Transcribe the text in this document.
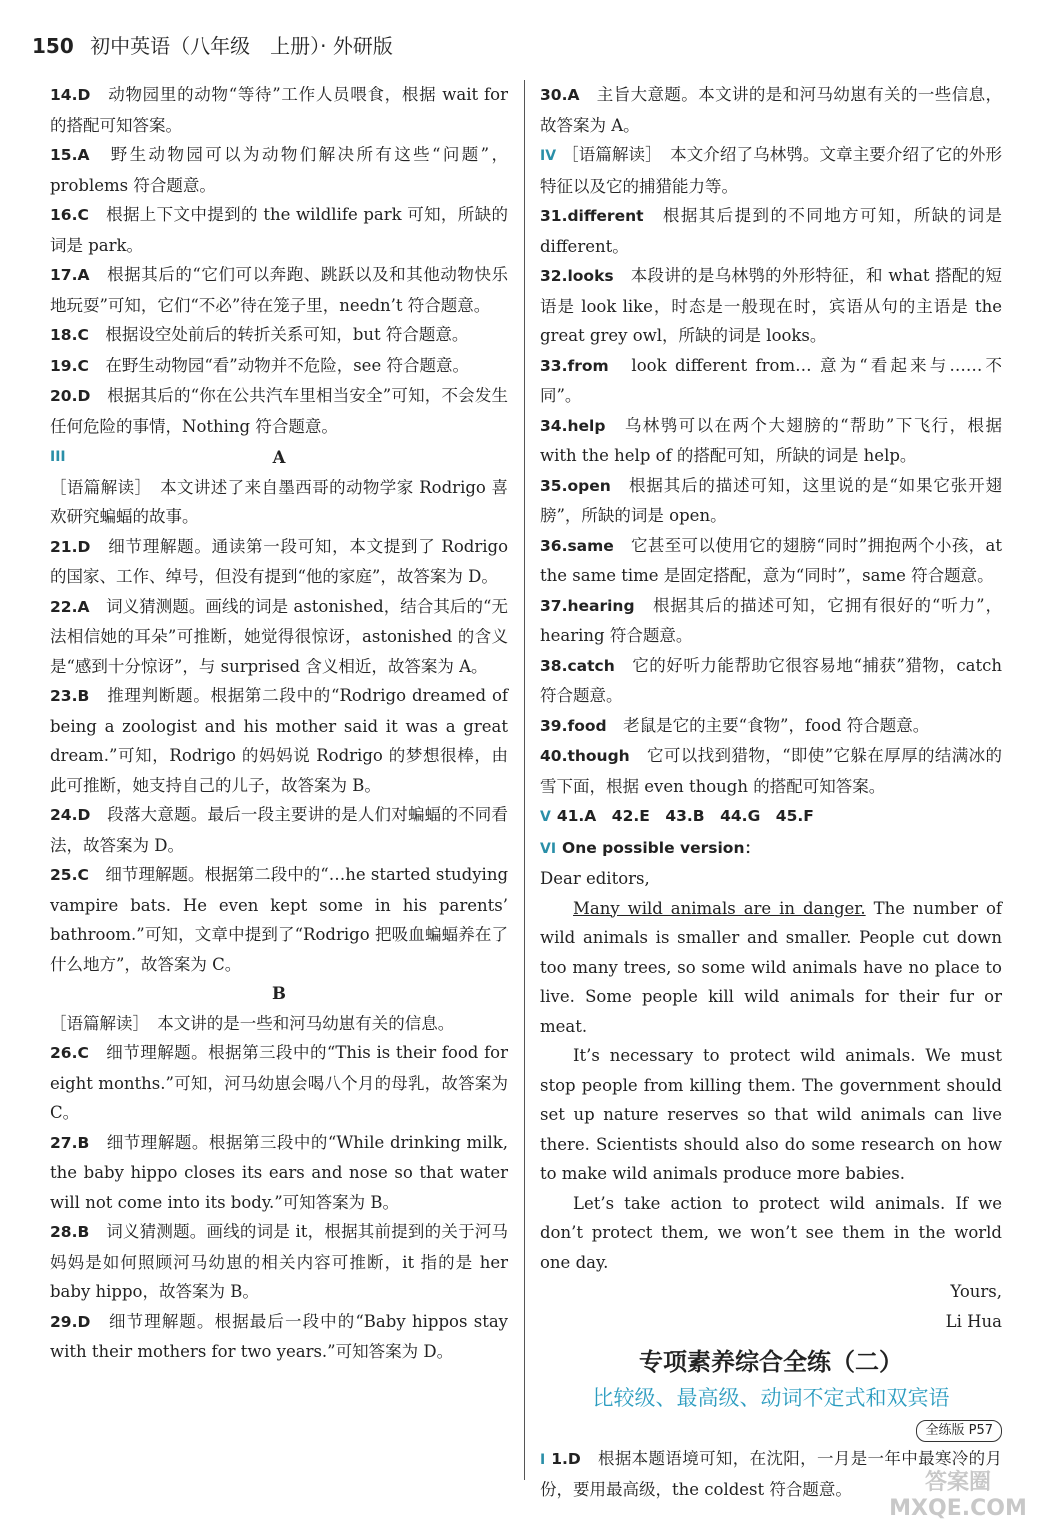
150 初中英语（八年级　上册）· 外研版

14.D　 动物园里的动物“等待”工作人员喂食，根据 wait for 的搭配可知答案。

15.A　 野生动物园可以为动物们解决所有这些“问题”，problems 符合题意。

16.C　 根据上下文中提到的 the wildlife park 可知，所缺的词是 park。

17.A　 根据其后的“它们可以奔跑、跳跃以及和其他动物快乐地玩耍”可知，它们“不必”待在笼子里，needn’t 符合题意。

18.C　 根据设空处前后的转折关系可知，but 符合题意。

19.C　 在野生动物园“看”动物并不危险，see 符合题意。

20.D　 根据其后的“你在公共汽车里相当安全”可知，不会发生任何危险的事情，Nothing 符合题意。

III	A

［语篇解读］　本文讲述了来自墨西哥的动物学家 Rodrigo 喜欢研究蝙蝠的故事。

21.D　 细节理解题。通读第一段可知，本文提到了 Rodrigo 的国家、工作、绰号，但没有提到“他的家庭”，故答案为 D。

22.A　 词义猜测题。画线的词是 astonished，结合其后的“无法相信她的耳朵”可推断，她觉得很惊讶，astonished 的含义是“感到十分惊讶”，与 surprised 含义相近，故答案为 A。

23.B　 推理判断题。根据第二段中的“Rodrigo dreamed of being a zoologist and his mother said it was a great dream.”可知，Rodrigo 的妈妈说 Rodrigo 的梦想很棒，由此可推断，她支持自己的儿子，故答案为 B。

24.D　 段落大意题。最后一段主要讲的是人们对蝙蝠的不同看法，故答案为 D。

25.C　 细节理解题。根据第二段中的“…he started studying vampire bats. He even kept some in his parents’ bathroom.”可知，文章中提到了“Rodrigo 把吸血蝙蝠养在了什么地方”，故答案为 C。

B

［语篇解读］　本文讲的是一些和河马幼崽有关的信息。

26.C　 细节理解题。根据第三段中的“This is their food for eight months.”可知，河马幼崽会喝八个月的母乳，故答案为 C。

27.B　 细节理解题。根据第三段中的“While drinking milk, the baby hippo closes its ears and nose so that water will not come into its body.”可知答案为 B。

28.B　 词义猜测题。画线的词是 it，根据其前提到的关于河马妈妈是如何照顾河马幼崽的相关内容可推断，it 指的是 her baby hippo，故答案为 B。

29.D　 细节理解题。根据最后一段中的“Baby hippos stay with their mothers for two years.”可知答案为 D。

30.A　 主旨大意题。本文讲的是和河马幼崽有关的一些信息，故答案为 A。

IV ［语篇解读］　本文介绍了乌林鸮。文章主要介绍了它的外形特征以及它的捕猎能力等。

31.different　 根据其后提到的不同地方可知，所缺的词是 different。

32.looks　 本段讲的是乌林鸮的外形特征，和 what 搭配的短语是 look like，时态是一般现在时，宾语从句的主语是 the great grey owl，所缺的词是 looks。

33.from　 look different from… 意为“看起来与……不同”。

34.help　 乌林鸮可以在两个大翅膀的“帮助”下飞行，根据 with the help of 的搭配可知，所缺的词是 help。

35.open　 根据其后的描述可知，这里说的是“如果它张开翅膀”，所缺的词是 open。

36.same　 它甚至可以使用它的翅膀“同时”拥抱两个小孩，at the same time 是固定搭配，意为“同时”，same 符合题意。

37.hearing　 根据其后的描述可知，它拥有很好的“听力”，hearing 符合题意。

38.catch　 它的好听力能帮助它很容易地“捕获”猎物，catch 符合题意。

39.food　 老鼠是它的主要“食物”，food 符合题意。

40.though　 它可以找到猎物，“即使”它躲在厚厚的结满冰的雪下面，根据 even though 的搭配可知答案。

V 41.A　42.E　43.B　44.G　45.F

VI One possible version：

Dear editors,

Many wild animals are in danger. The number of wild animals is smaller and smaller. People cut down too many trees, so some wild animals have no place to live. Some people kill wild animals for their fur or meat.

It’s necessary to protect wild animals. We must stop people from killing them. The government should set up nature reserves so that wild animals can live there. Scientists should also do some research on how to make wild animals produce more babies.

Let’s take action to protect wild animals. If we don’t protect them, we won’t see them in the world one day.

Yours,

Li Hua

专项素养综合全练（二）
比较级、最高级、动词不定式和双宾语
全练版 P57

I 1.D　 根据本题语境可知，在沈阳，一月是一年中最寒冷的月份，要用最高级，the coldest 符合题意。	答案圈 MXQE.COM
